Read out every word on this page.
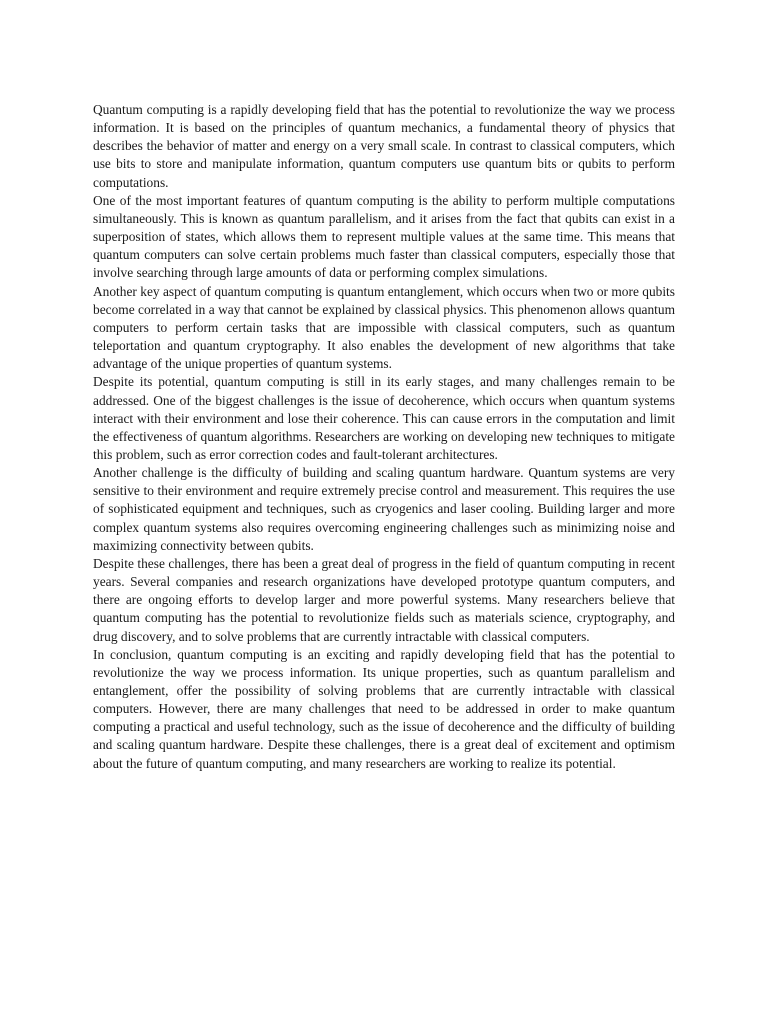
Quantum computing is a rapidly developing field that has the potential to revolutionize the way we process information. It is based on the principles of quantum mechanics, a fundamental theory of physics that describes the behavior of matter and energy on a very small scale. In contrast to classical computers, which use bits to store and manipulate information, quantum computers use quantum bits or qubits to perform computations.

One of the most important features of quantum computing is the ability to perform multiple computations simultaneously. This is known as quantum parallelism, and it arises from the fact that qubits can exist in a superposition of states, which allows them to represent multiple values at the same time. This means that quantum computers can solve certain problems much faster than classical computers, especially those that involve searching through large amounts of data or performing complex simulations.

Another key aspect of quantum computing is quantum entanglement, which occurs when two or more qubits become correlated in a way that cannot be explained by classical physics. This phenomenon allows quantum computers to perform certain tasks that are impossible with classical computers, such as quantum teleportation and quantum cryptography. It also enables the development of new algorithms that take advantage of the unique properties of quantum systems.

Despite its potential, quantum computing is still in its early stages, and many challenges remain to be addressed. One of the biggest challenges is the issue of decoherence, which occurs when quantum systems interact with their environment and lose their coherence. This can cause errors in the computation and limit the effectiveness of quantum algorithms. Researchers are working on developing new techniques to mitigate this problem, such as error correction codes and fault-tolerant architectures.

Another challenge is the difficulty of building and scaling quantum hardware. Quantum systems are very sensitive to their environment and require extremely precise control and measurement. This requires the use of sophisticated equipment and techniques, such as cryogenics and laser cooling. Building larger and more complex quantum systems also requires overcoming engineering challenges such as minimizing noise and maximizing connectivity between qubits.

Despite these challenges, there has been a great deal of progress in the field of quantum computing in recent years. Several companies and research organizations have developed prototype quantum computers, and there are ongoing efforts to develop larger and more powerful systems. Many researchers believe that quantum computing has the potential to revolutionize fields such as materials science, cryptography, and drug discovery, and to solve problems that are currently intractable with classical computers.

In conclusion, quantum computing is an exciting and rapidly developing field that has the potential to revolutionize the way we process information. Its unique properties, such as quantum parallelism and entanglement, offer the possibility of solving problems that are currently intractable with classical computers. However, there are many challenges that need to be addressed in order to make quantum computing a practical and useful technology, such as the issue of decoherence and the difficulty of building and scaling quantum hardware. Despite these challenges, there is a great deal of excitement and optimism about the future of quantum computing, and many researchers are working to realize its potential.
